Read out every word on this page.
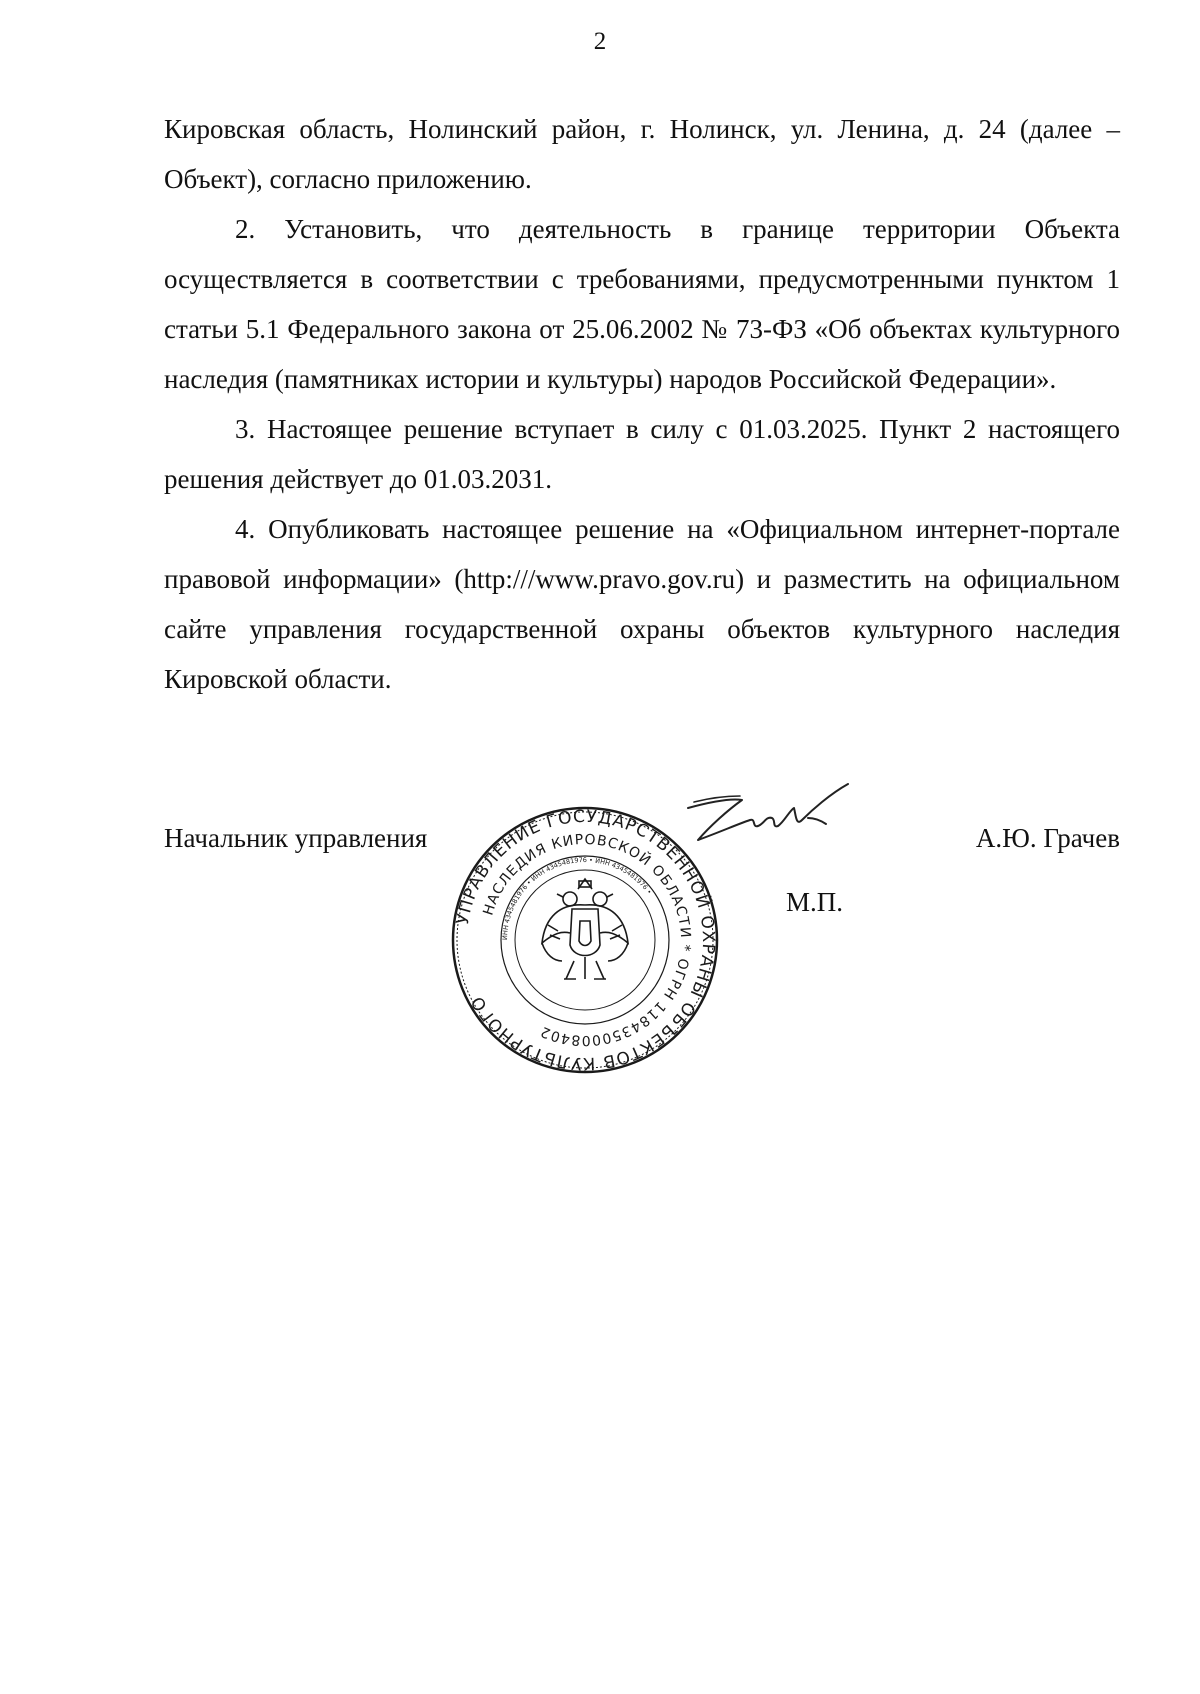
2

Кировская область, Нолинский район, г. Нолинск, ул. Ленина, д. 24 (далее – Объект), согласно приложению.

2. Установить, что деятельность в границе территории Объекта осуществляется в соответствии с требованиями, предусмотренными пунктом 1 статьи 5.1 Федерального закона от 25.06.2002 № 73-ФЗ «Об объектах культурного наследия (памятниках истории и культуры) народов Российской Федерации».

3. Настоящее решение вступает в силу с 01.03.2025. Пункт 2 настоящего решения действует до 01.03.2031.

4. Опубликовать настоящее решение на «Официальном интернет-портале правовой информации» (http:///www.pravo.gov.ru) и разместить на официальном сайте управления государственной охраны объектов культурного наследия Кировской области.

Начальник управления	А.Ю. Грачев
М.П.
УПРАВЛЕНИЕ ГОСУДАРСТВЕННОЙ ОХРАНЫ ОБЪЕКТОВ КУЛЬТУРНОГО
НАСЛЕДИЯ КИРОВСКОЙ ОБЛАСТИ * ОГРН 1184350008402
ИНН 4345481976 • ИНН 4345481976 • ИНН 4345481976 •
